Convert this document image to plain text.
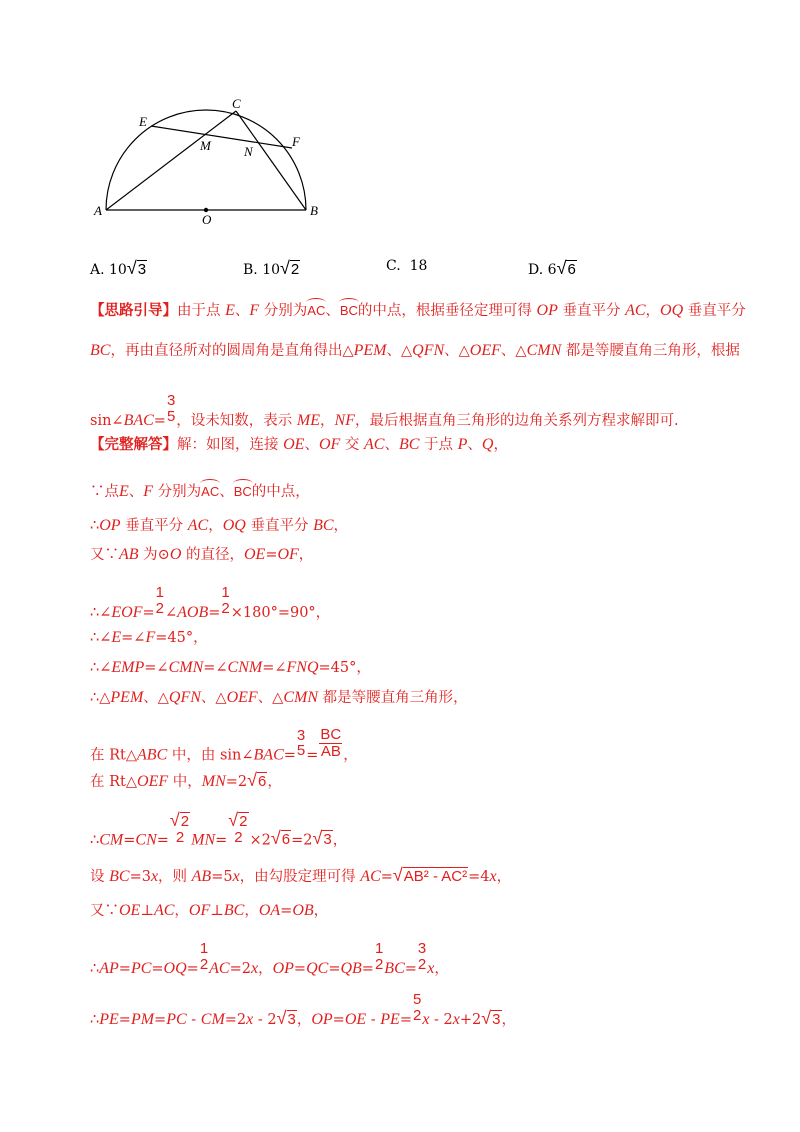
A	B
C
E
F
M	N
O
A. 10√3	B. 10√2	C. 18	D. 6√6
【思路引导】由于点 E、F 分别为AC、BC的中点，根据垂径定理可得 OP 垂直平分 AC，OQ 垂直平分
BC，再由直径所对的圆周角是直角得出△PEM、△QFN、△OEF、△CMN 都是等腰直角三角形，根据
sin∠BAC=
3
5 ，设未知数，表示 ME，NF，最后根据直角三角形的边角关系列方程求解即可.
【完整解答】解：如图，连接 OE、OF 交 AC、BC 于点 P、Q，
∵点E、F 分别为AC、BC的中点，
∴OP 垂直平分 AC，OQ 垂直平分 BC，
又∵AB 为⊙O 的直径，OE=OF，
∴∠EOF=
1
2 ∠AOB=
1
2 ×180°=90°，
∴∠E=∠F=45°，
∴∠EMP=∠CMN=∠CNM=∠FNQ=45°，
∴△PEM、△QFN、△OEF、△CMN 都是等腰直角三角形，
在 Rt△ABC 中，由 sin∠BAC=
3
$5 = \frac{BC}{AB}$ ，
在 Rt△OEF 中，MN=2√6，
∴CM=CN=
√2
2 MN=
√2
2 ×2√6=2√3，
设 BC=3x，则 AB=5x，由勾股定理可得 AC=√AB² - AC²=4x，
又∵OE⊥AC，OF⊥BC，OA=OB，
∴AP=PC=OQ=
1
2 AC=2x，OP=QC=QB=
1
2 BC=
3
2 x，
∴PE=PM=PC - CM=2x - 2√3，OP=OE - PE=
5
2 x - 2x+2√3，
